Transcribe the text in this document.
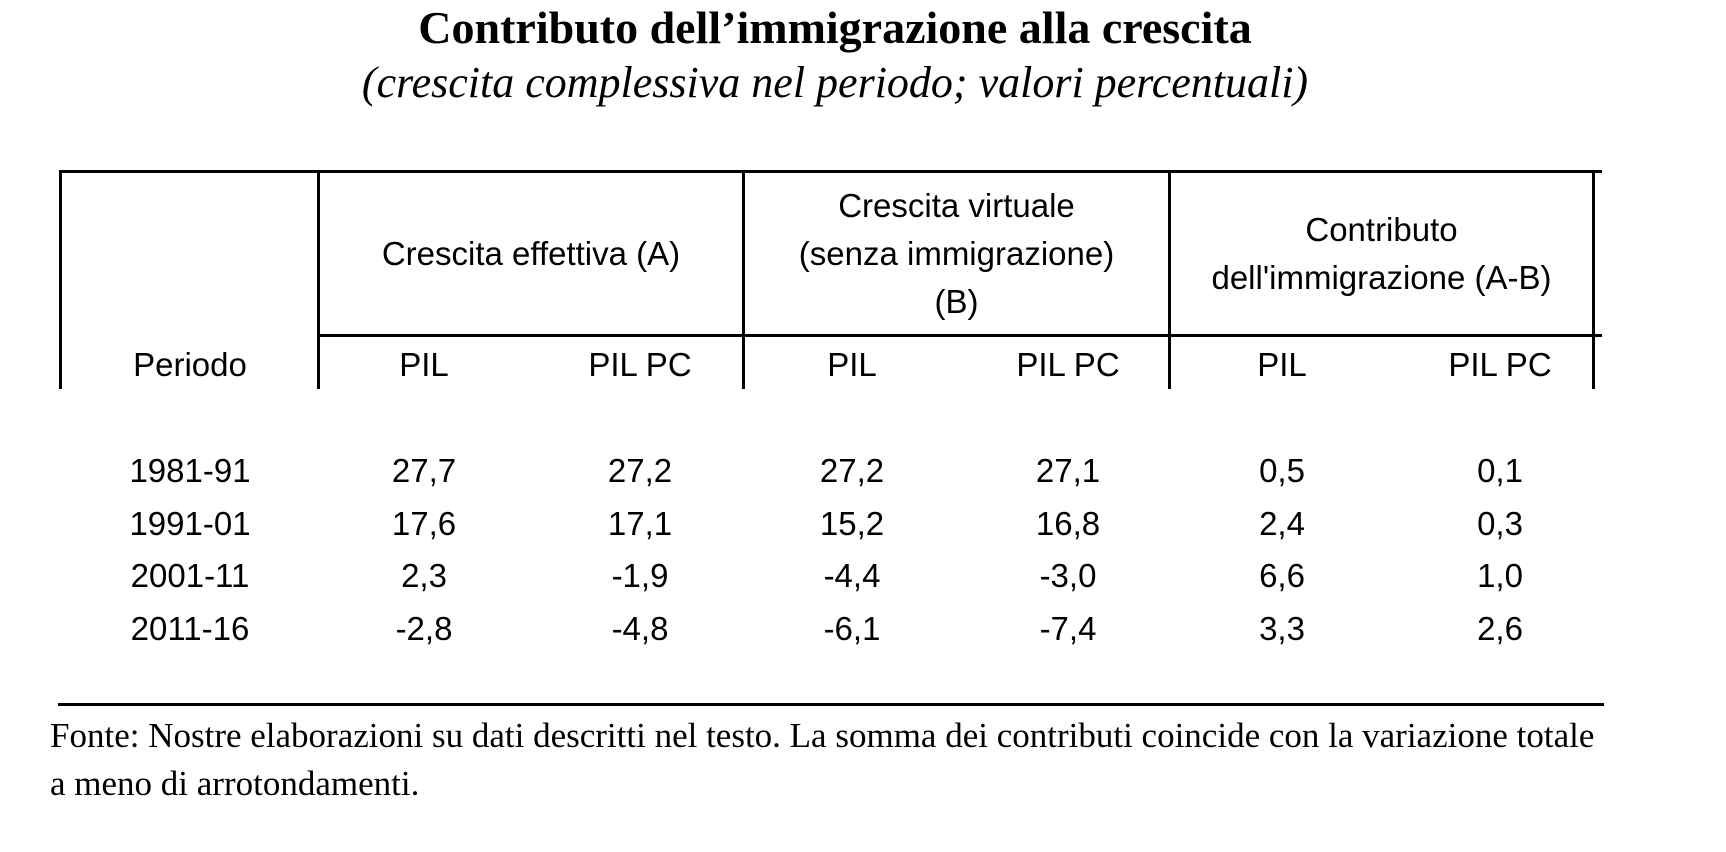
Contributo dell’immigrazione alla crescita

(crescita complessiva nel periodo; valori percentuali)

Crescita effettiva (A)
Crescita virtuale
(senza immigrazione)
(B)
Contributo
dell'immigrazione (A-B)
Periodo	PIL	PIL PC	PIL	PIL PC	PIL	PIL PC
1981-91	27,7	27,2	27,2	27,1	0,5	0,1
1991-01	17,6	17,1	15,2	16,8	2,4	0,3
2001-11	2,3	-1,9	-4,4	-3,0	6,6	1,0
2011-16	-2,8	-4,8	-6,1	-7,4	3,3	2,6
Fonte: Nostre elaborazioni su dati descritti nel testo. La somma dei contributi coincide con la variazione totale a meno di arrotondamenti.
